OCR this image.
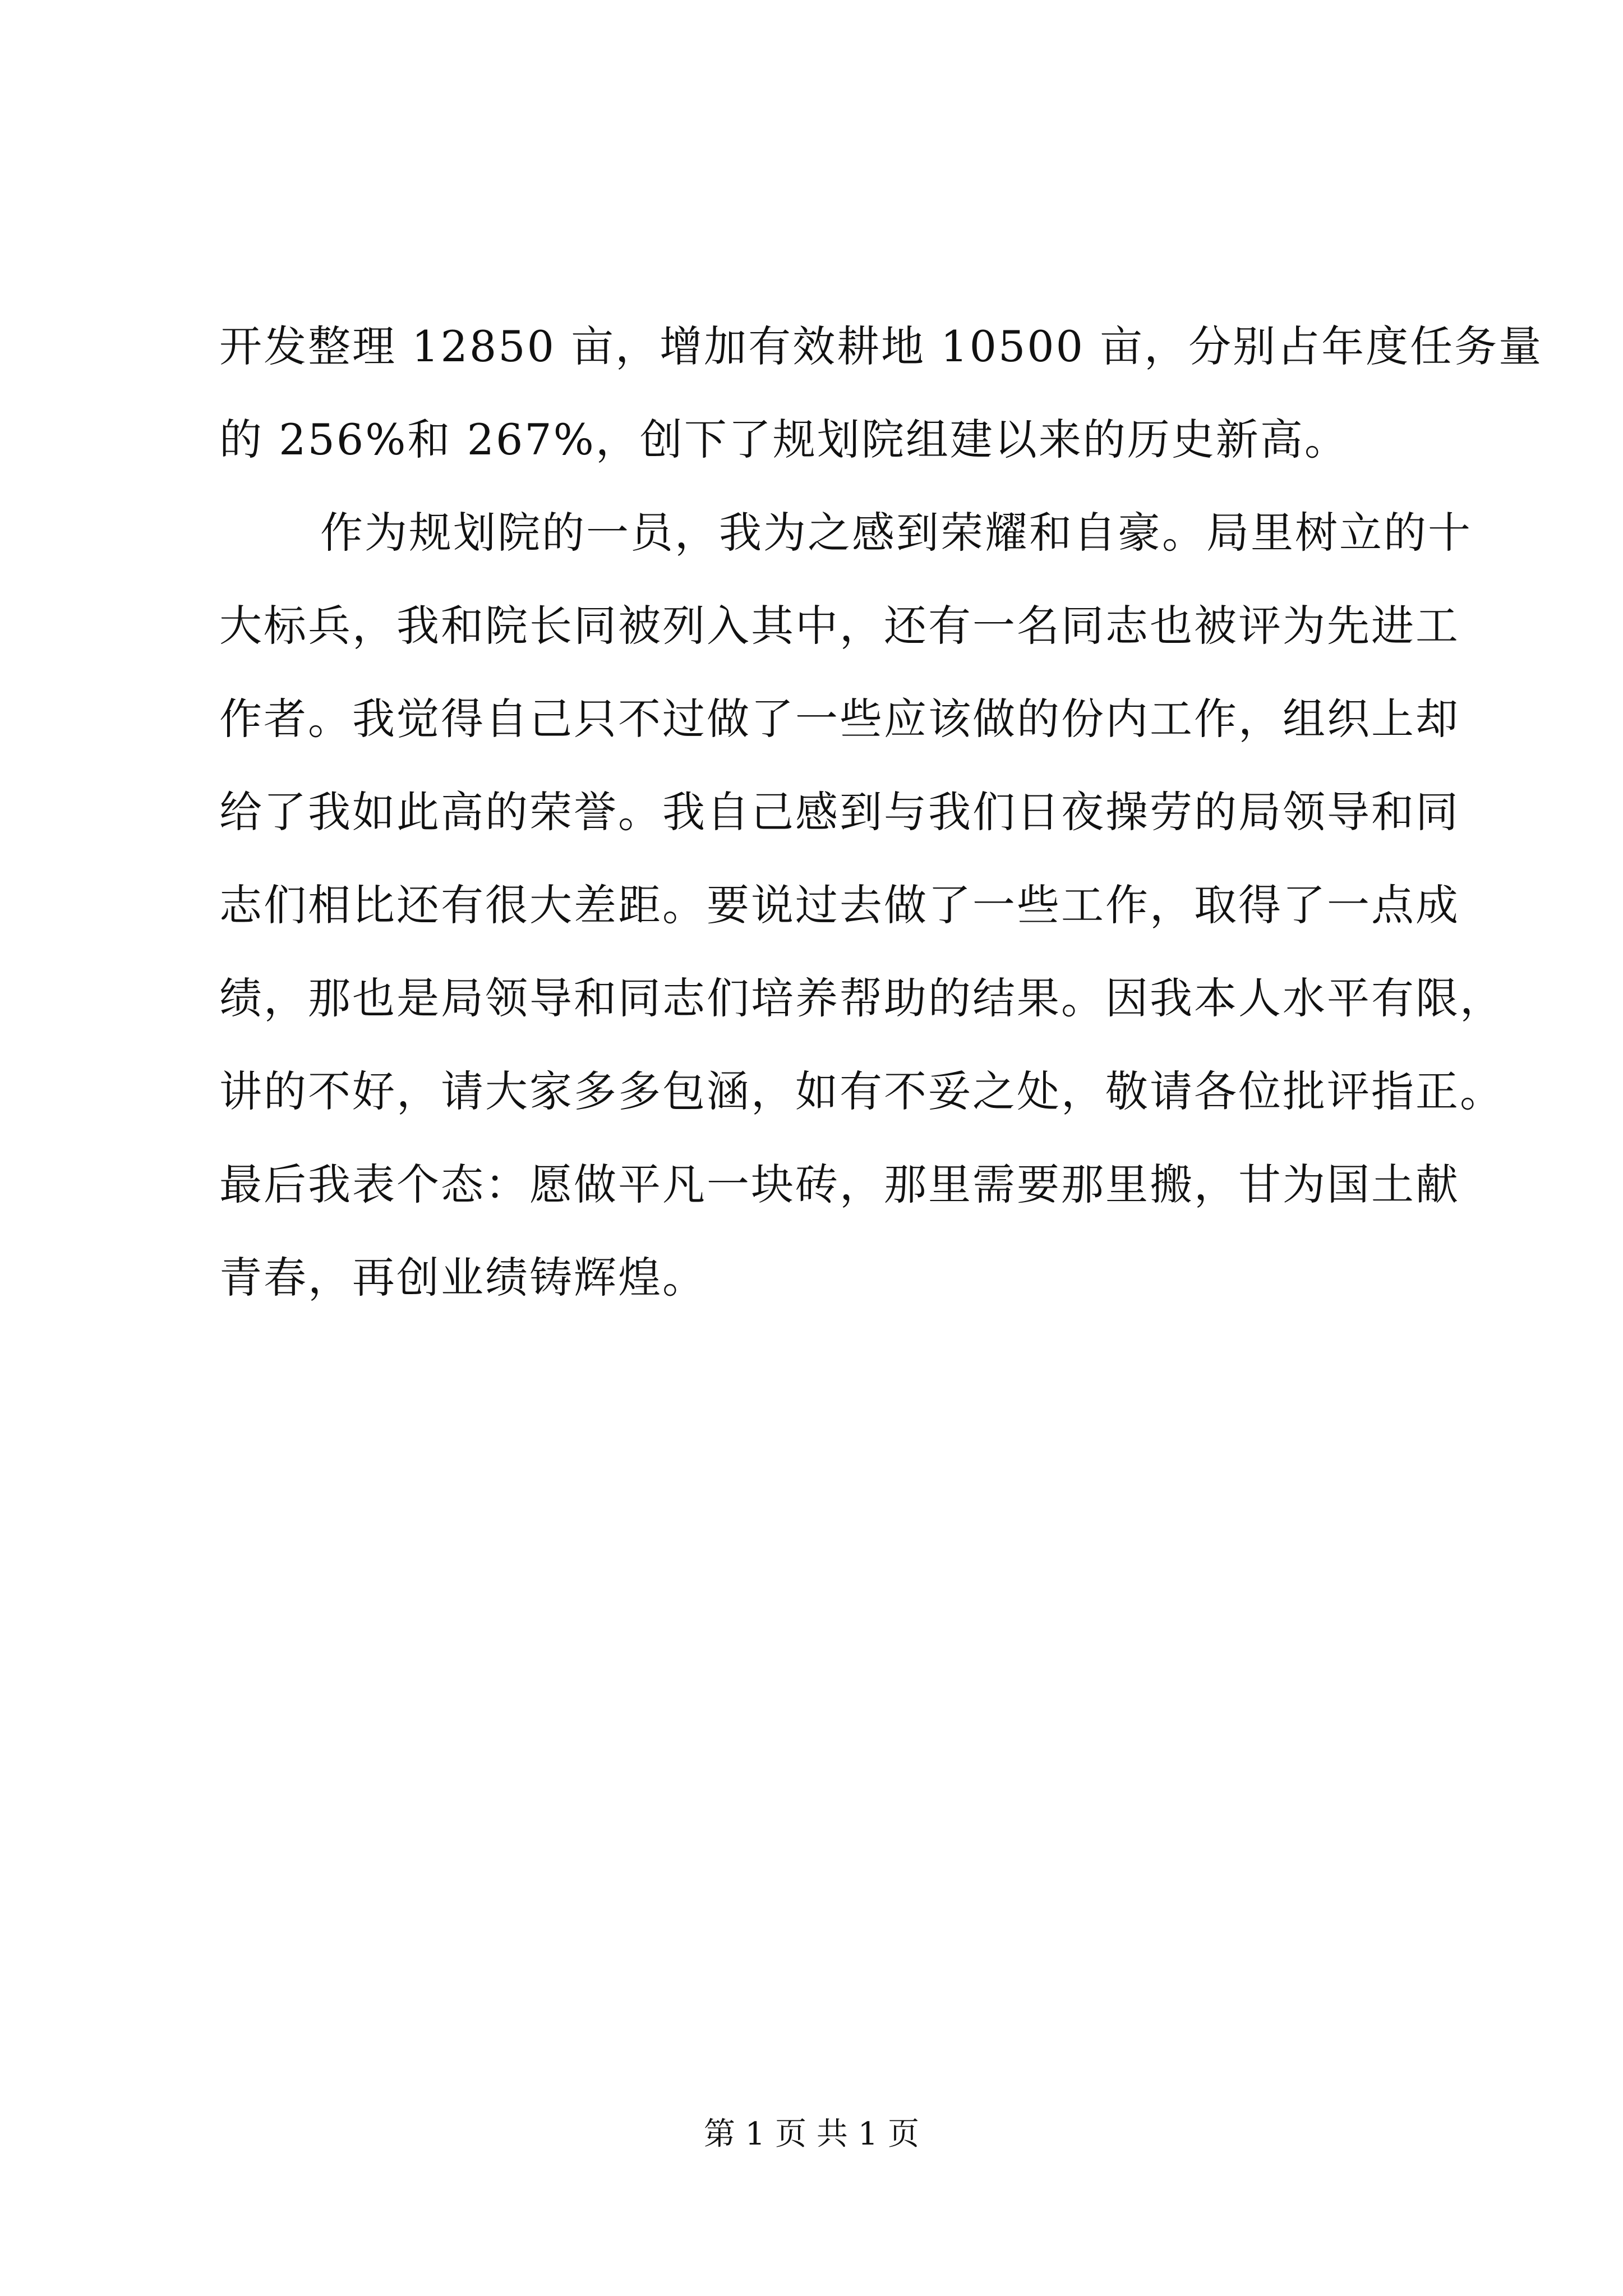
开发整理 12850 亩，增加有效耕地 10500 亩，分别占年度任务量
的 256%和 267%，创下了规划院组建以来的历史新高。
作为规划院的一员，我为之感到荣耀和自豪。局里树立的十
大标兵，我和院长同被列入其中，还有一名同志也被评为先进工
作者。我觉得自己只不过做了一些应该做的份内工作，组织上却
给了我如此高的荣誉。我自己感到与我们日夜操劳的局领导和同
志们相比还有很大差距。要说过去做了一些工作，取得了一点成
绩，那也是局领导和同志们培养帮助的结果。因我本人水平有限，
讲的不好，请大家多多包涵，如有不妥之处，敬请各位批评指正。
最后我表个态：愿做平凡一块砖，那里需要那里搬，甘为国土献
青春，再创业绩铸辉煌。
第 1 页 共 1 页
